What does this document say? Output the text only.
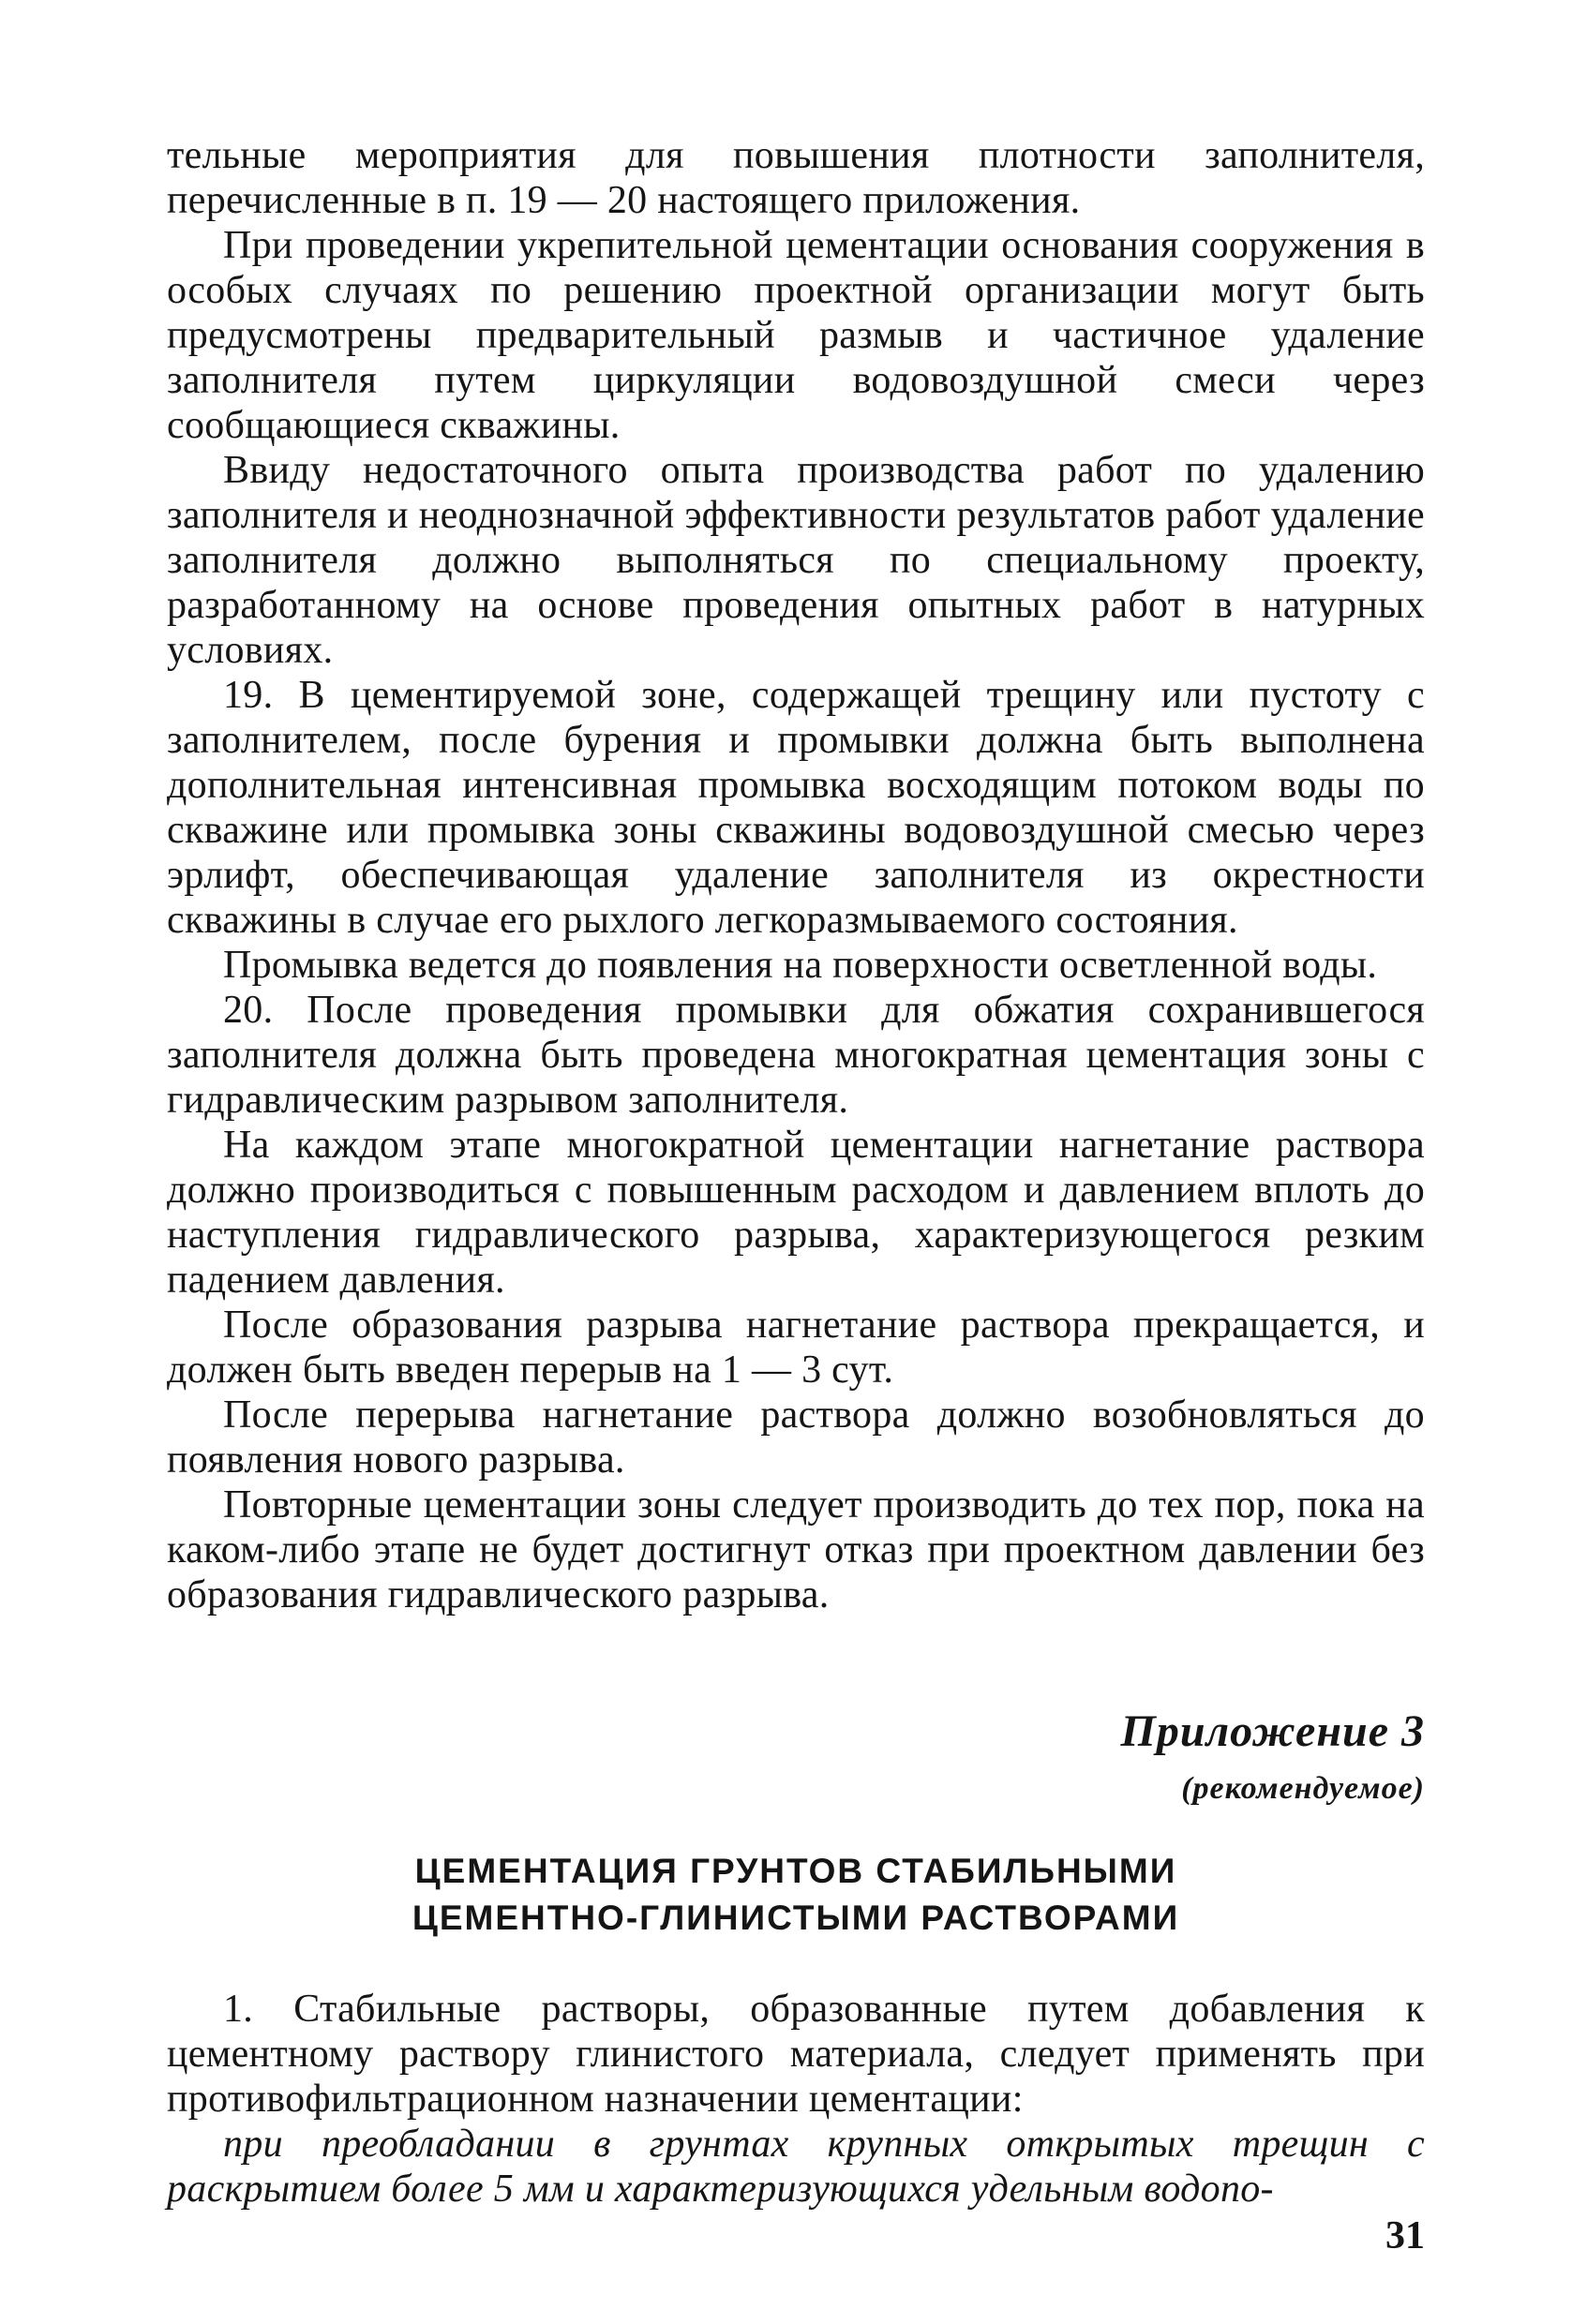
тельные мероприятия для повышения плотности заполнителя, перечисленные в п. 19 — 20 настоящего приложения.

При проведении укрепительной цементации основания сооружения в особых случаях по решению проектной организации могут быть предусмотрены предварительный размыв и частичное удаление заполнителя путем циркуляции водовоздушной смеси через сообщающиеся скважины.

Ввиду недостаточного опыта производства работ по удалению заполнителя и неоднозначной эффективности результатов работ удаление заполнителя должно выполняться по специальному проекту, разработанному на основе проведения опытных работ в натурных условиях.

19. В цементируемой зоне, содержащей трещину или пустоту с заполнителем, после бурения и промывки должна быть выполнена дополнительная интенсивная промывка восходящим потоком воды по скважине или промывка зоны скважины водовоздушной смесью через эрлифт, обеспечивающая удаление заполнителя из окрестности скважины в случае его рыхлого легкоразмываемого состояния.

Промывка ведется до появления на поверхности осветленной воды.

20. После проведения промывки для обжатия сохранившегося заполнителя должна быть проведена многократная цементация зоны с гидравлическим разрывом заполнителя.

На каждом этапе многократной цементации нагнетание раствора должно производиться с повышенным расходом и давлением вплоть до наступления гидравлического разрыва, характеризующегося резким падением давления.

После образования разрыва нагнетание раствора прекращается, и должен быть введен перерыв на 1 — 3 сут.

После перерыва нагнетание раствора должно возобновляться до появления нового разрыва.

Повторные цементации зоны следует производить до тех пор, пока на каком-либо этапе не будет достигнут отказ при проектном давлении без образования гидравлического разрыва.

Приложение 3
(рекомендуемое)
ЦЕМЕНТАЦИЯ ГРУНТОВ СТАБИЛЬНЫМИ
ЦЕМЕНТНО-ГЛИНИСТЫМИ РАСТВОРАМИ

1. Стабильные растворы, образованные путем добавления к цементному раствору глинистого материала, следует применять при противофильтрационном назначении цементации:

при преобладании в грунтах крупных открытых трещин с раскрытием более 5 мм и характеризующихся удельным водопо-

31
